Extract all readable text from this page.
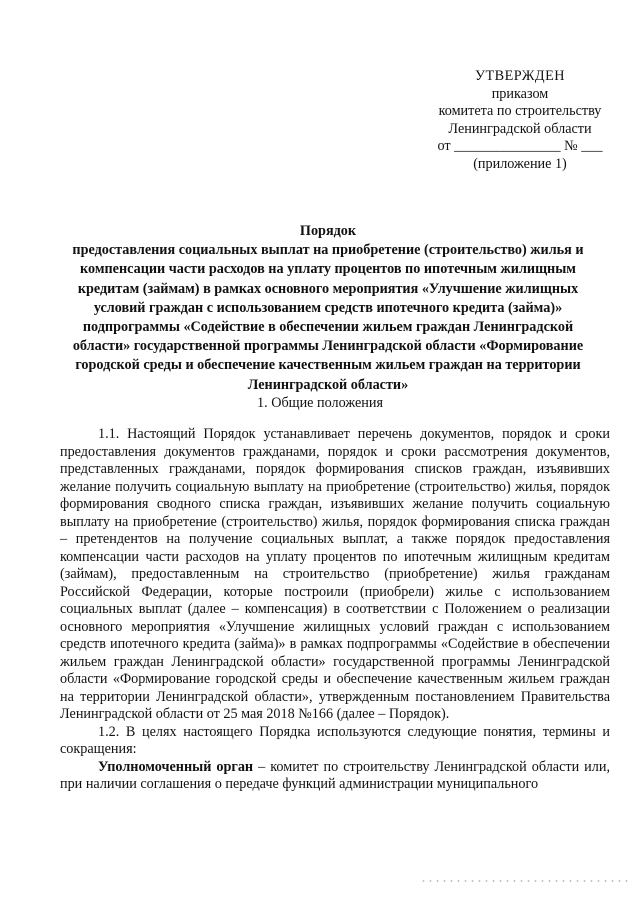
УТВЕРЖДЕН
приказом
комитета по строительству
Ленинградской области
от _______________ № ___
(приложение 1)
Порядок
предоставления социальных выплат на приобретение (строительство) жилья и
компенсации части расходов на уплату процентов по ипотечным жилищным
кредитам (займам) в рамках основного мероприятия «Улучшение жилищных
условий граждан с использованием средств ипотечного кредита (займа)»
подпрограммы «Содействие в обеспечении жильем граждан Ленинградской
области» государственной программы Ленинградской области «Формирование
городской среды и обеспечение качественным жильем граждан на территории
Ленинградской области»
1. Общие положения

1.1. Настоящий Порядок устанавливает перечень документов, порядок и сроки предоставления документов гражданами, порядок и сроки рассмотрения документов, представленных гражданами, порядок формирования списков граждан, изъявивших желание получить социальную выплату на приобретение (строительство) жилья, порядок формирования сводного списка граждан, изъявивших желание получить социальную выплату на приобретение (строительство) жилья, порядок формирования списка граждан – претендентов на получение социальных выплат, а также порядок предоставления компенсации части расходов на уплату процентов по ипотечным жилищным кредитам (займам), предоставленным на строительство (приобретение) жилья гражданам Российской Федерации, которые построили (приобрели) жилье с использованием социальных выплат (далее – компенсация) в соответствии с Положением о реализации основного мероприятия «Улучшение жилищных условий граждан с использованием средств ипотечного кредита (займа)» в рамках подпрограммы «Содействие в обеспечении жильем граждан Ленинградской области» государственной программы Ленинградской области «Формирование городской среды и обеспечение качественным жильем граждан на территории Ленинградской области», утвержденным постановлением Правительства Ленинградской области от 25 мая 2018 №166 (далее – Порядок).

1.2. В целях настоящего Порядка используются следующие понятия, термины и сокращения:

Уполномоченный орган – комитет по строительству Ленинградской области или, при наличии соглашения о передаче функций администрации муниципального
